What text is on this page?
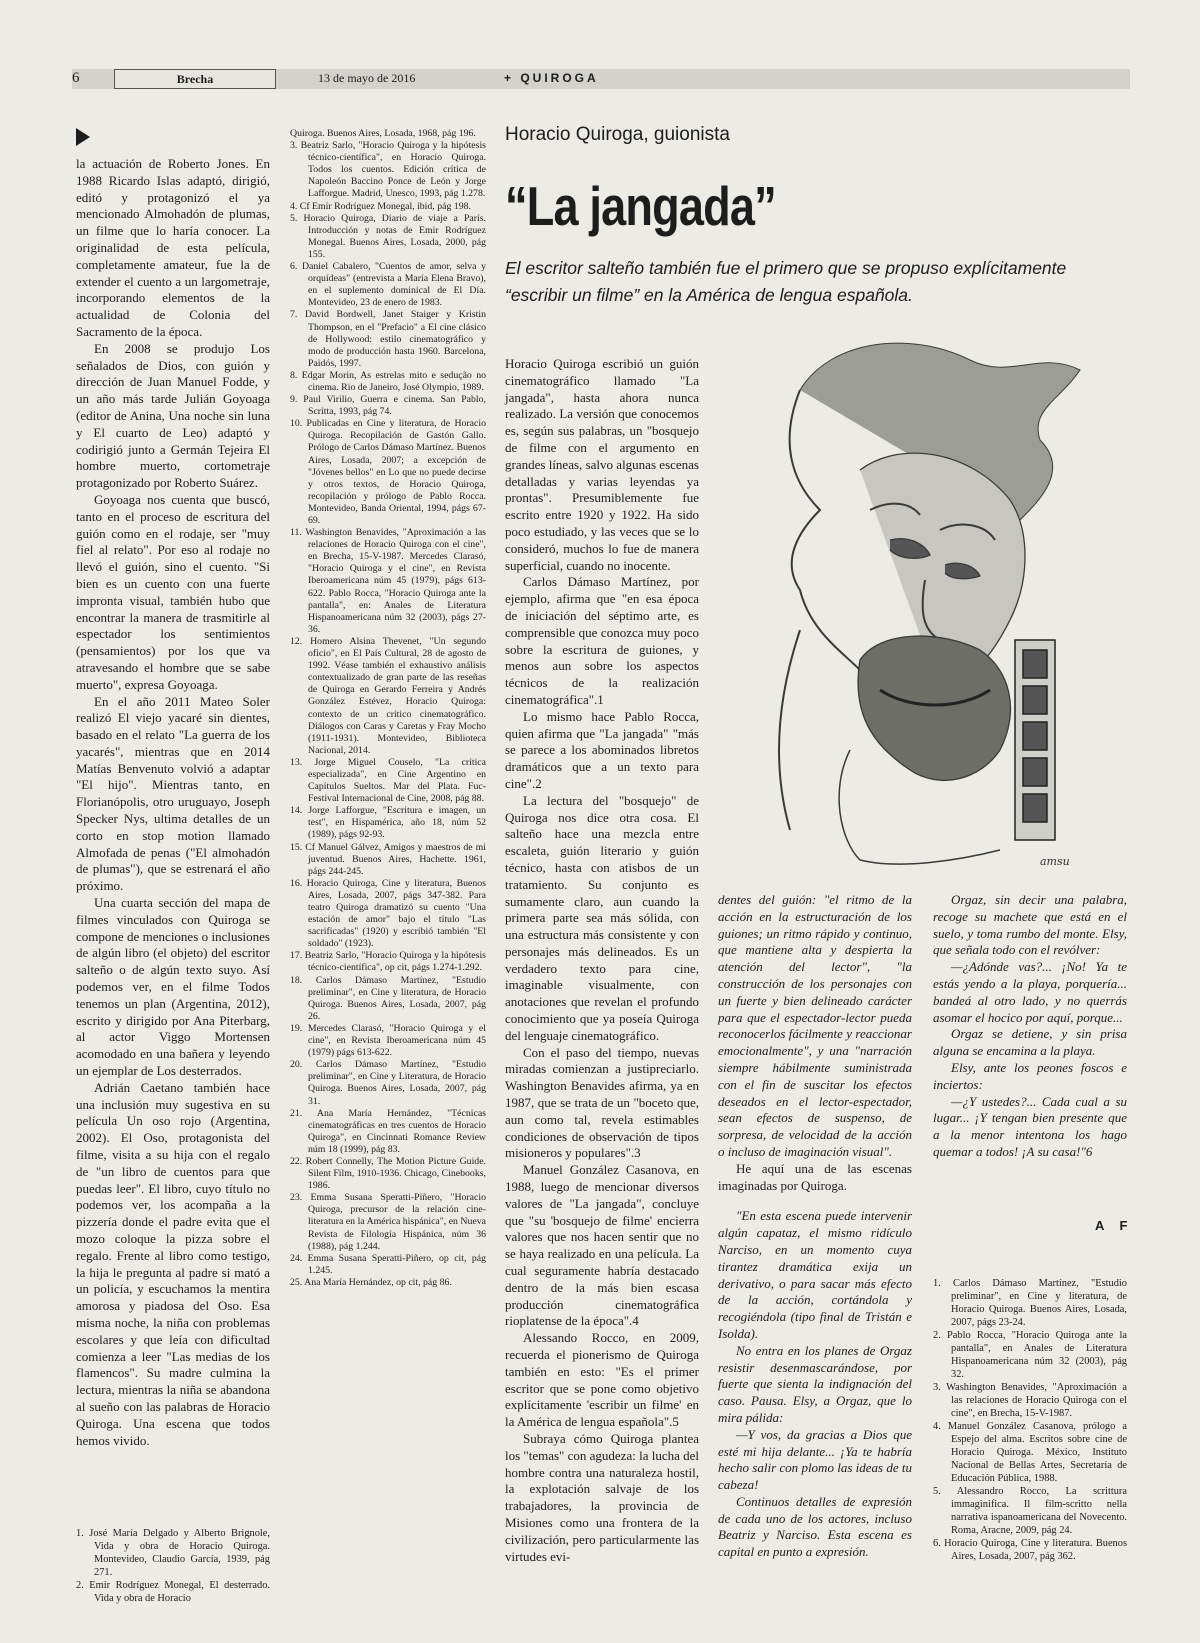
6	Brecha	13 de mayo de 2016	+ QUIROGA

la actuación de Roberto Jones. En 1988 Ricardo Islas adaptó, dirigió, editó y protagonizó el ya mencionado Almohadón de plumas, un filme que lo haría conocer. La originalidad de esta película, completamente amateur, fue la de extender el cuento a un largometraje, incorporando elementos de la actualidad de Colonia del Sacramento de la época.

En 2008 se produjo Los señalados de Dios, con guión y dirección de Juan Manuel Fodde, y un año más tarde Julián Goyoaga (editor de Anina, Una noche sin luna y El cuarto de Leo) adaptó y codirigió junto a Germán Tejeira El hombre muerto, cortometraje protagonizado por Roberto Suárez.

Goyoaga nos cuenta que buscó, tanto en el proceso de escritura del guión como en el rodaje, ser "muy fiel al relato". Por eso al rodaje no llevó el guión, sino el cuento. "Si bien es un cuento con una fuerte impronta visual, también hubo que encontrar la manera de trasmitirle al espectador los sentimientos (pensamientos) por los que va atravesando el hombre que se sabe muerto", expresa Goyoaga.

En el año 2011 Mateo Soler realizó El viejo yacaré sin dientes, basado en el relato "La guerra de los yacarés", mientras que en 2014 Matías Benvenuto volvió a adaptar "El hijo". Mientras tanto, en Florianópolis, otro uruguayo, Joseph Specker Nys, ultima detalles de un corto en stop motion llamado Almofada de penas ("El almohadón de plumas"), que se estrenará el año próximo.

Una cuarta sección del mapa de filmes vinculados con Quiroga se compone de menciones o inclusiones de algún libro (el objeto) del escritor salteño o de algún texto suyo. Así podemos ver, en el filme Todos tenemos un plan (Argentina, 2012), escrito y dirigido por Ana Piterbarg, al actor Viggo Mortensen acomodado en una bañera y leyendo un ejemplar de Los desterrados.

Adrián Caetano también hace una inclusión muy sugestiva en su película Un oso rojo (Argentina, 2002). El Oso, protagonista del filme, visita a su hija con el regalo de "un libro de cuentos para que puedas leer". El libro, cuyo título no podemos ver, los acompaña a la pizzería donde el padre evita que el mozo coloque la pizza sobre el regalo. Frente al libro como testigo, la hija le pregunta al padre si mató a un policía, y escuchamos la mentira amorosa y piadosa del Oso. Esa misma noche, la niña con problemas escolares y que leía con dificultad comienza a leer "Las medias de los flamencos". Su madre culmina la lectura, mientras la niña se abandona al sueño con las palabras de Horacio Quiroga. Una escena que todos hemos vivido.

1. José María Delgado y Alberto Brignole, Vida y obra de Horacio Quiroga. Montevideo, Claudio García, 1939, pág 271.
2. Emir Rodríguez Monegal, El desterrado. Vida y obra de Horacio
Quiroga. Buenos Aires, Losada, 1968, pág 196.
3. Beatriz Sarlo, "Horacio Quiroga y la hipótesis técnico-científica", en Horacio Quiroga. Todos los cuentos. Edición crítica de Napoleón Baccino Ponce de León y Jorge Lafforgue. Madrid, Unesco, 1993, pág 1.278.
4. Cf Emir Rodríguez Monegal, ibid, pág 198.
5. Horacio Quiroga, Diario de viaje a París. Introducción y notas de Emir Rodríguez Monegal. Buenos Aires, Losada, 2000, pág 155.
6. Daniel Cabalero, "Cuentos de amor, selva y orquídeas" (entrevista a María Elena Bravo), en el suplemento dominical de El Día. Montevideo, 23 de enero de 1983.
7. David Bordwell, Janet Staiger y Kristin Thompson, en el "Prefacio" a El cine clásico de Hollywood: estilo cinematográfico y modo de producción hasta 1960. Barcelona, Paidós, 1997.
8. Edgar Morin, As estrelas mito e sedução no cinema. Rio de Janeiro, José Olympio, 1989.
9. Paul Virilio, Guerra e cinema. San Pablo, Scritta, 1993, pág 74.
10. Publicadas en Cine y literatura, de Horacio Quiroga. Recopilación de Gastón Gallo. Prólogo de Carlos Dámaso Martínez. Buenos Aires, Losada, 2007; a excepción de "Jóvenes bellos" en Lo que no puede decirse y otros textos, de Horacio Quiroga, recopilación y prólogo de Pablo Rocca. Montevideo, Banda Oriental, 1994, págs 67-69.
11. Washington Benavides, "Aproximación a las relaciones de Horacio Quiroga con el cine", en Brecha, 15-V-1987. Mercedes Clarasó, "Horacio Quiroga y el cine", en Revista Iberoamericana núm 45 (1979), págs 613-622. Pablo Rocca, "Horacio Quiroga ante la pantalla", en: Anales de Literatura Hispanoamericana núm 32 (2003), págs 27-36.
12. Homero Alsina Thevenet, "Un segundo oficio", en El País Cultural, 28 de agosto de 1992. Véase también el exhaustivo análisis contextualizado de gran parte de las reseñas de Quiroga en Gerardo Ferreira y Andrés González Estévez, Horacio Quiroga: contexto de un crítico cinematográfico. Diálogos con Caras y Caretas y Fray Mocho (1911-1931). Montevideo, Biblioteca Nacional, 2014.
13. Jorge Miguel Couselo, "La crítica especializada", en Cine Argentino en Capítulos Sueltos. Mar del Plata. Fuc-Festival Internacional de Cine, 2008, pág 88.
14. Jorge Lafforgue, "Escritura e imagen, un test", en Hispamérica, año 18, núm 52 (1989), págs 92-93.
15. Cf Manuel Gálvez, Amigos y maestros de mi juventud. Buenos Aires, Hachette. 1961, págs 244-245.
16. Horacio Quiroga, Cine y literatura, Buenos Aires, Losada, 2007, págs 347-382. Para teatro Quiroga dramatizó su cuento "Una estación de amor" bajo el título "Las sacrificadas" (1920) y escribió también "El soldado" (1923).
17. Beatriz Sarlo, "Horacio Quiroga y la hipótesis técnico-científica", op cit, págs 1.274-1.292.
18. Carlos Dámaso Martínez, "Estudio preliminar", en Cine y literatura, de Horacio Quiroga. Buenos Aires, Losada, 2007, pág 26.
19. Mercedes Clarasó, "Horacio Quiroga y el cine", en Revista Iberoamericana núm 45 (1979) págs 613-622.
20. Carlos Dámaso Martínez, "Estudio preliminar", en Cine y Literatura, de Horacio Quiroga. Buenos Aires, Losada, 2007, pág 31.
21. Ana María Hernández, "Técnicas cinematográficas en tres cuentos de Horacio Quiroga", en Cincinnati Romance Review núm 18 (1999), pág 83.
22. Robert Connelly, The Motion Picture Guide. Silent Film, 1910-1936. Chicago, Cinebooks, 1986.
23. Emma Susana Speratti-Piñero, "Horacio Quiroga, precursor de la relación cine-literatura en la América hispánica", en Nueva Revista de Filología Hispánica, núm 36 (1988), pág 1.244.
24. Emma Susana Speratti-Piñero, op cit, pág 1.245.
25. Ana María Hernández, op cit, pág 86.
Horacio Quiroga, guionista
“La jangada”
El escritor salteño también fue el primero que se propuso explícitamente “escribir un filme” en la América de lengua española.
amsu

Horacio Quiroga escribió un guión cinematográfico llamado "La jangada", hasta ahora nunca realizado. La versión que conocemos es, según sus palabras, un "bosquejo de filme con el argumento en grandes líneas, salvo algunas escenas detalladas y varias leyendas ya prontas". Presumiblemente fue escrito entre 1920 y 1922. Ha sido poco estudiado, y las veces que se lo consideró, muchos lo fue de manera superficial, cuando no inocente.

Carlos Dámaso Martínez, por ejemplo, afirma que "en esa época de iniciación del séptimo arte, es comprensible que conozca muy poco sobre la escritura de guiones, y menos aun sobre los aspectos técnicos de la realización cinematográfica".1

Lo mismo hace Pablo Rocca, quien afirma que "La jangada" "más se parece a los abominados libretos dramáticos que a un texto para cine".2

La lectura del "bosquejo" de Quiroga nos dice otra cosa. El salteño hace una mezcla entre escaleta, guión literario y guión técnico, hasta con atisbos de un tratamiento. Su conjunto es sumamente claro, aun cuando la primera parte sea más sólida, con una estructura más consistente y con personajes más delineados. Es un verdadero texto para cine, imaginable visualmente, con anotaciones que revelan el profundo conocimiento que ya poseía Quiroga del lenguaje cinematográfico.

Con el paso del tiempo, nuevas miradas comienzan a justipreciarlo. Washington Benavides afirma, ya en 1987, que se trata de un "boceto que, aun como tal, revela estimables condiciones de observación de tipos misioneros y populares".3

Manuel González Casanova, en 1988, luego de mencionar diversos valores de "La jangada", concluye que "su 'bosquejo de filme' encierra valores que nos hacen sentir que no se haya realizado en una película. La cual seguramente habría destacado dentro de la más bien escasa producción cinematográfica rioplatense de la época".4

Alessando Rocco, en 2009, recuerda el pionerismo de Quiroga también en esto: "Es el primer escritor que se pone como objetivo explícitamente 'escribir un filme' en la América de lengua española".5

Subraya cómo Quiroga planteа los "temas" con agudeza: la lucha del hombre contra una naturaleza hostil, la explotación salvaje de los trabajadores, la provincia de Misiones como una frontera de la civilización, pero particularmente las virtudes evi-

dentes del guión: "el ritmo de la acción en la estructuración de los guiones; un ritmo rápido y continuo, que mantiene alta y despierta la atención del lector", "la construcción de los personajes con un fuerte y bien delineado carácter para que el espectador-lector pueda reconocerlos fácilmente y reaccionar emocionalmente", y una "narración siempre hábilmente suministrada con el fin de suscitar los efectos deseados en el lector-espectador, sean efectos de suspenso, de sorpresa, de velocidad de la acción o incluso de imaginación visual".

He aquí una de las escenas imaginadas por Quiroga.

"En esta escena puede intervenir algún capataz, el mismo ridículo Narciso, en un momento cuya tirantez dramática exija un derivativo, o para sacar más efecto de la acción, cortándola y recogiéndola (tipo final de Tristán e Isolda).

No entra en los planes de Orgaz resistir desenmascarándose, por fuerte que sienta la indignación del caso. Pausa. Elsy, a Orgaz, que lo mira pálida:

—Y vos, da gracias a Dios que esté mi hija delante... ¡Ya te habría hecho salir con plomo las ideas de tu cabeza!

Continuos detalles de expresión de cada uno de los actores, incluso Beatriz y Narciso. Esta escena es capital en punto a expresión.

Orgaz, sin decir una palabra, recoge su machete que está en el suelo, y toma rumbo del monte. Elsy, que señala todo con el revólver:

—¿Adónde vas?... ¡No! Ya te estás yendo a la playa, porquería... bandeá al otro lado, y no querrás asomar el hocico por aquí, porque...

Orgaz se detiene, y sin prisa alguna se encamina a la playa.

Elsy, ante los peones foscos e inciertos:

—¿Y ustedes?... Cada cual a su lugar... ¡Y tengan bien presente que a la menor intentona los hago quemar a todos! ¡A su casa!"6

A F
1. Carlos Dámaso Martínez, "Estudio preliminar", en Cine y literatura, de Horacio Quiroga. Buenos Aires, Losada, 2007, págs 23-24.
2. Pablo Rocca, "Horacio Quiroga ante la pantalla", en Anales de Literatura Hispanoamericana núm 32 (2003), pág 32.
3. Washington Benavides, "Aproximación a las relaciones de Horacio Quiroga con el cine", en Brecha, 15-V-1987.
4. Manuel González Casanova, prólogo a Espejo del alma. Escritos sobre cine de Horacio Quiroga. México, Instituto Nacional de Bellas Artes, Secretaría de Educación Pública, 1988.
5. Alessandro Rocco, La scrittura immaginifica. Il film-scritto nella narrativa ispanoamericana del Novecento. Roma, Aracne, 2009, pág 24.
6. Horacio Quiroga, Cine y literatura. Buenos Aires, Losada, 2007, pág 362.
